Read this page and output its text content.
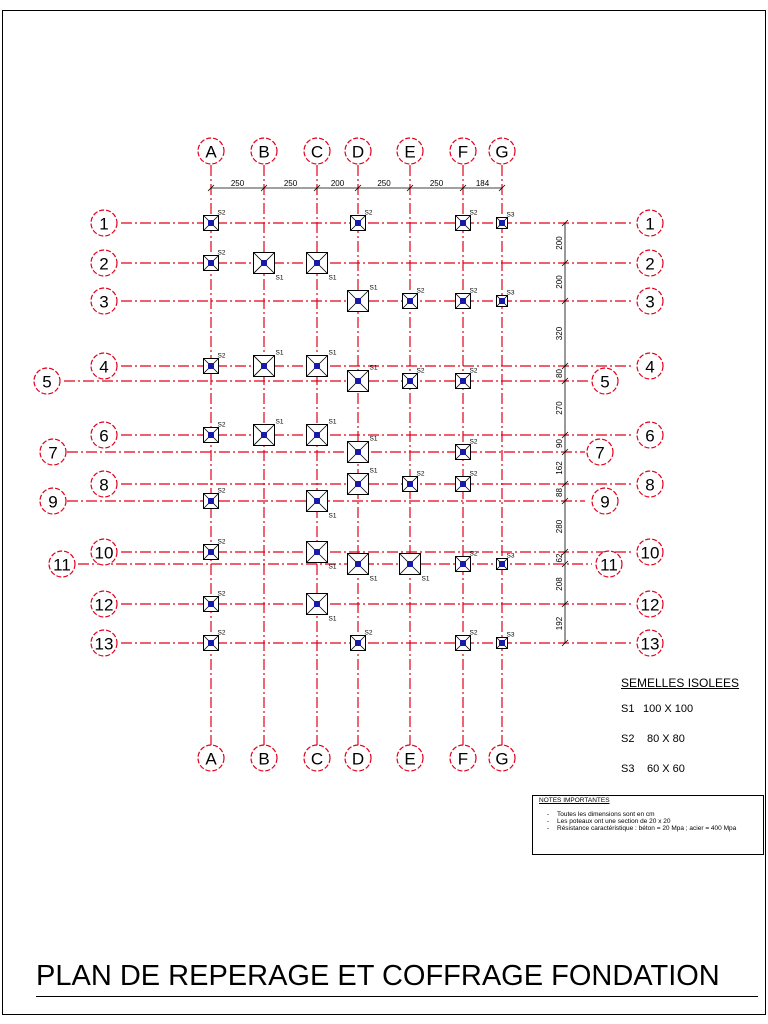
250	250	200	250	250	184
200
200
320
80
270
90
162
88
280
62
208
192
S2	S2	S2	S3
S2
S1	S1
S1	S2	S2	S3
S2	S1	S1
S1	S2	S2
S2	S1	S1
S1	S2
S1	S2	S2
S2
S1
S2
S1
S1	S1
S2	S3
S2
S1
S2	S2	S2	S3
A
A
B
B
C
C
D
D
E
E
F
F
G
G
1	1
2	2
3	3
4	4
5	5
6	6
7	7
8	8
9	9
10	10
11	11
12	12
13	13
SEMELLES ISOLEES
S1 100 X 100
S2	80 X 80
S3	60 X 60
NOTES IMPORTANTES
-	Toutes les dimensions sont en cm
-	Les poteaux ont une section de 20 x 20
-	Résistance caractéristique : béton = 20 Mpa ; acier = 400 Mpa
PLAN DE REPERAGE ET COFFRAGE FONDATION
